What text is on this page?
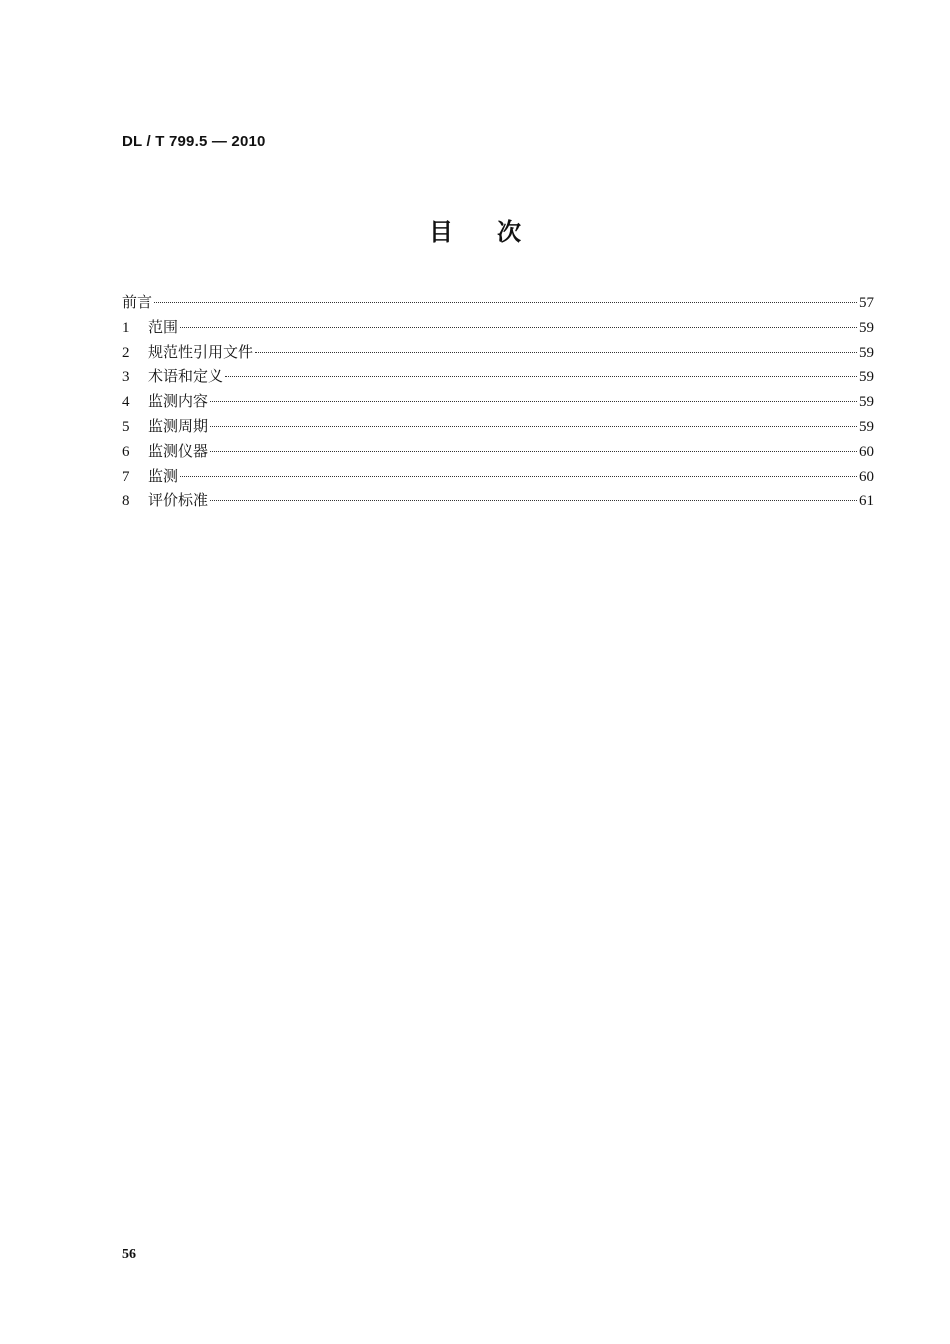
DL / T 799.5 — 2010
目 次
前言	57
1	范围	59
2	规范性引用文件	59
3	术语和定义	59
4	监测内容	59
5	监测周期	59
6	监测仪器	60
7	监测	60
8	评价标准	61
56
